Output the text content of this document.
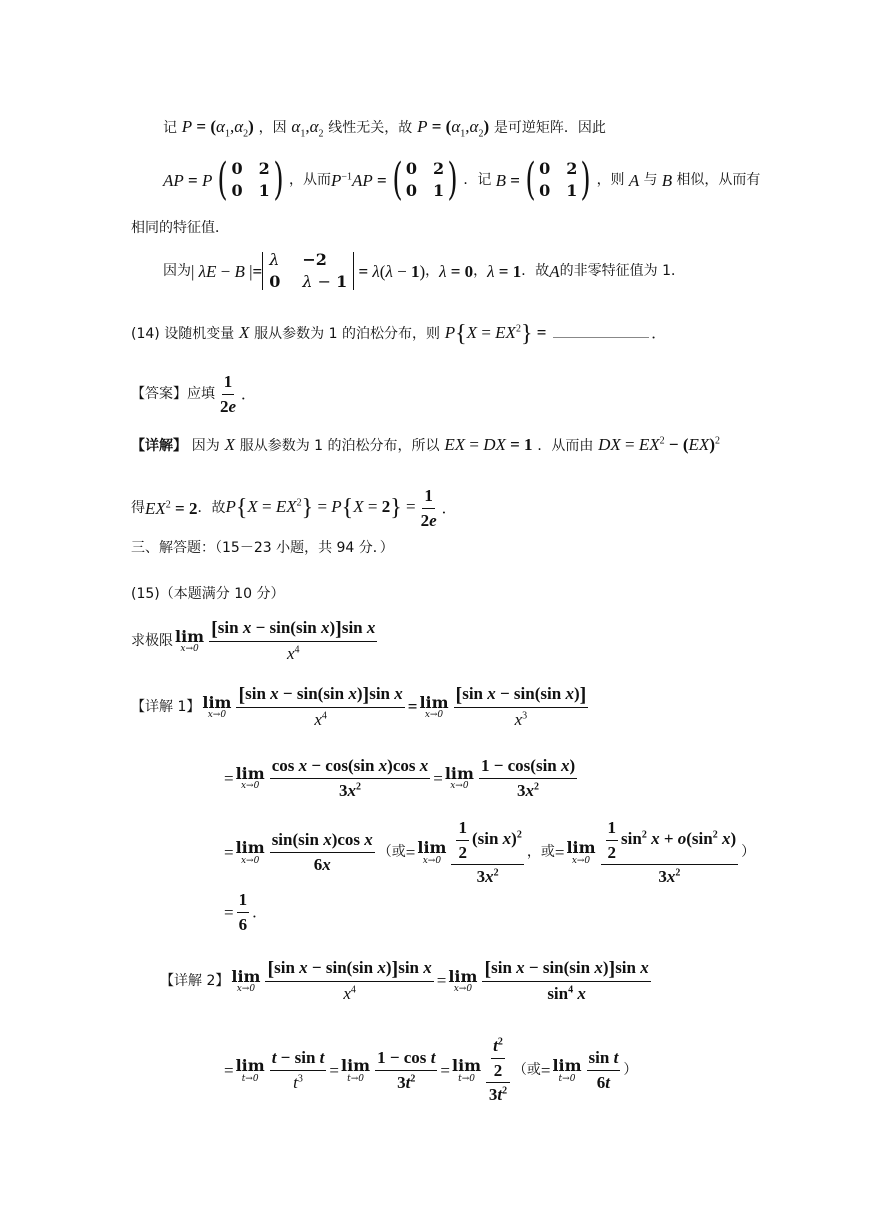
记 $P = (\alpha_1,\alpha_2)$ ，因 $\alpha_1,\alpha_2$ 线性无关，故 $P = (\alpha_1,\alpha_2)$ 是可逆矩阵．因此
AP = P ( 0 2
0 1 ) ，从而 $P^{-1}AP$ = ( 0 2
0 1 ) ．记 B = ( 0 2
0 1 ) ，则 A 与 B 相似，从而有
相同的特征值．
因为 | λE − B |=
λ −2
0 λ − 1
= λ(λ − 1) ， λ = 0 ， λ = 1 ．故 A 的非零特征值为 1．
(14) 设随机变量 X 服从参数为 1 的泊松分布，则 $P\{X = EX^2\}$ =	．
【答案】 应填 $\frac{1}{2e}$ ．
【详解】 因为 X 服从参数为 1 的泊松分布，所以 EX = DX = 1 ．从而由 DX = $EX^2 - (EX)^2$
得 $EX^2 = 2$ ．故 $P\{X = EX^2\} = P\{X = 2\} = \frac{1}{2e}$ ．
三、解答题：（15－23 小题，共 94 分．）
(15)（本题满分 10 分）
求极限 lim
$x\to 0 \frac{\text{[sin x − sin(sin x)]sin x}}{x^4}$
【详解 1】 lim
$x\to 0 \frac{\text{[sin x − sin(sin x)]sin x}}{x^4} = \lim$
$x\to 0 \frac{\text{[sin x − sin(sin x)]}}{x^3}$
= lim
$x\to 0 \frac{\text{cos x − cos(sin x)cos x}}{3x^2} = \lim$
$x\to 0 \frac{\text{1 − cos(sin x)}}{3x^2}$
= lim
$x\to 0 \frac{\text{sin(sin x)cos x}}{6x}$ （或 = lim
$x\to 0 \frac{\frac{1}{2} (\sin x)^2}{3x^2}$ ，或 = lim
$x\to 0 \frac{\frac{1}{2} \sin^2 x + o(\sin^2 x)}{3x^2}$ ）
= $\frac{1}{6}$ ．
【详解 2】 lim
$x\to 0 \frac{\text{[sin x − sin(sin x)]sin x}}{x^4} = \lim$
$x\to 0 \frac{\text{[sin x − sin(sin x)]sin x}}{\sin^4 x}$
= lim
$t\to 0 \frac{\text{t − sin t}}{t^3} = \lim$
$t\to 0 \frac{\text{1 − cos t}}{3t^2} = \lim$
$t\to 0 \frac{\frac{t^2}{2}}{3t^2}$ （或 = lim
$t\to 0 \frac{\text{sin t}}{6t}$ ）
